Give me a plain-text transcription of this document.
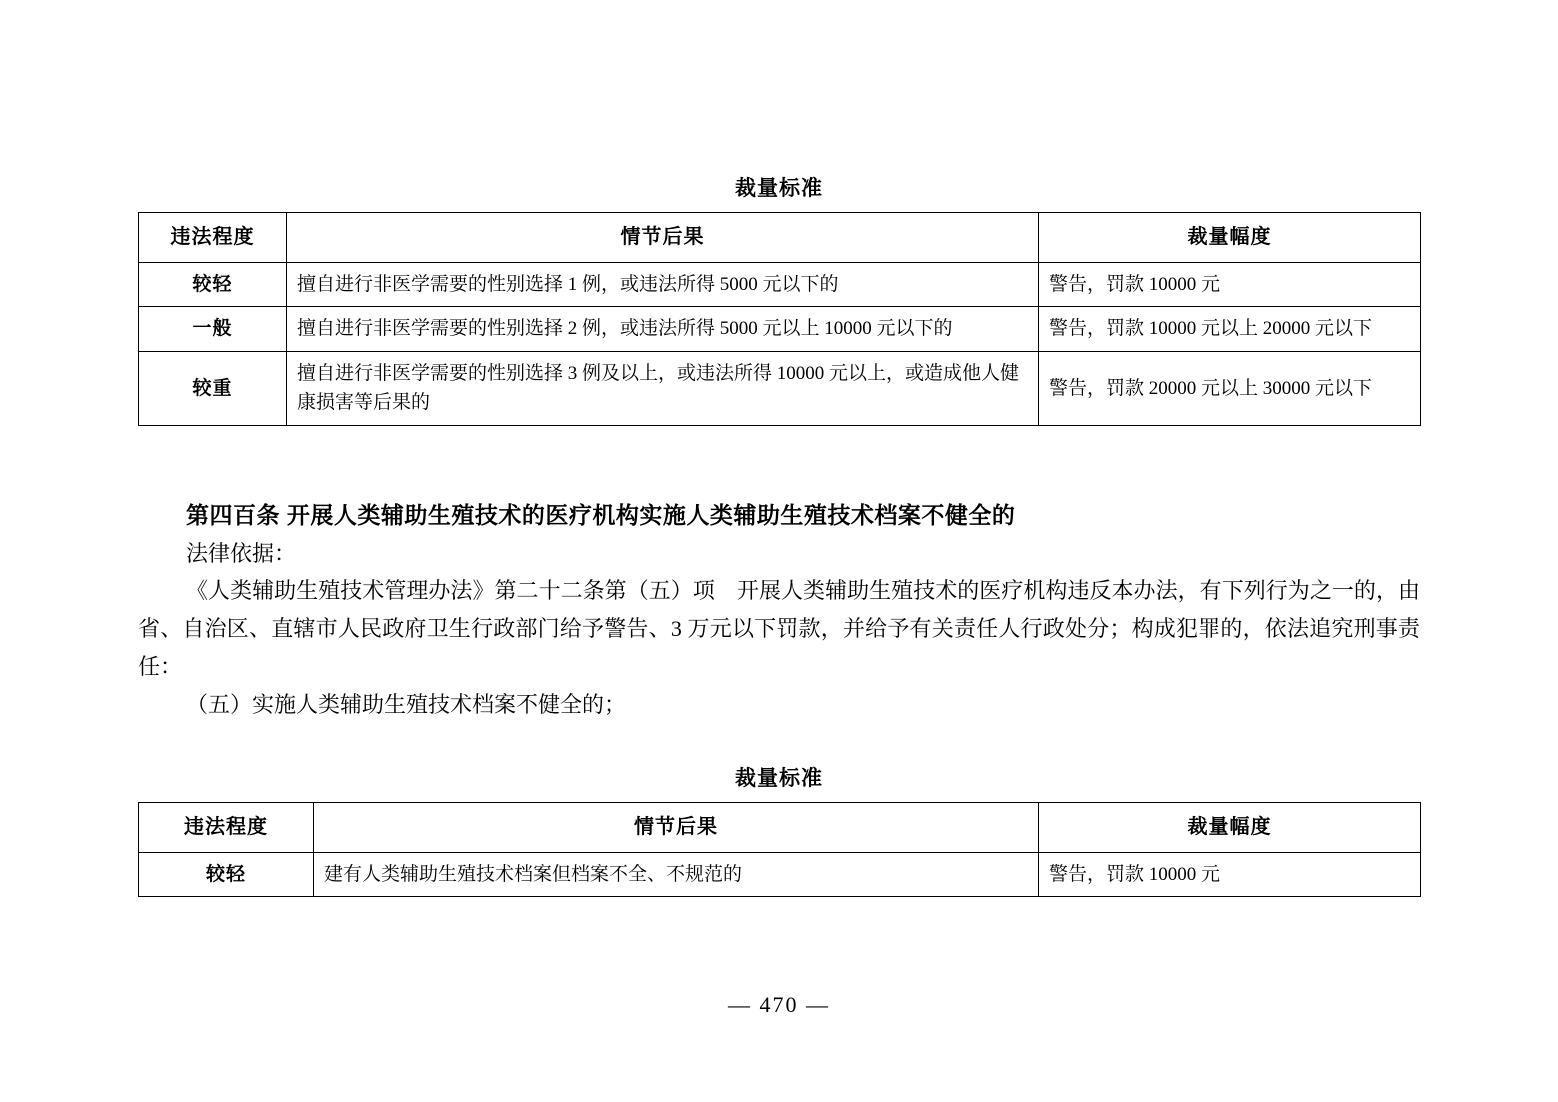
裁量标准
违法程度	情节后果	裁量幅度
较轻	擅自进行非医学需要的性别选择 1 例，或违法所得 5000 元以下的	警告，罚款 10000 元
一般	擅自进行非医学需要的性别选择 2 例，或违法所得 5000 元以上 10000 元以下的	警告，罚款 10000 元以上 20000 元以下
较重	擅自进行非医学需要的性别选择 3 例及以上，或违法所得 10000 元以上，或造成他人健康损害等后果的	警告，罚款 20000 元以上 30000 元以下

第四百条 开展人类辅助生殖技术的医疗机构实施人类辅助生殖技术档案不健全的

法律依据：

《人类辅助生殖技术管理办法》第二十二条第（五）项　开展人类辅助生殖技术的医疗机构违反本办法，有下列行为之一的，由省、自治区、直辖市人民政府卫生行政部门给予警告、3 万元以下罚款，并给予有关责任人行政处分；构成犯罪的，依法追究刑事责任：

（五）实施人类辅助生殖技术档案不健全的；

裁量标准
违法程度	情节后果	裁量幅度
较轻	建有人类辅助生殖技术档案但档案不全、不规范的	警告，罚款 10000 元
— 470 —
